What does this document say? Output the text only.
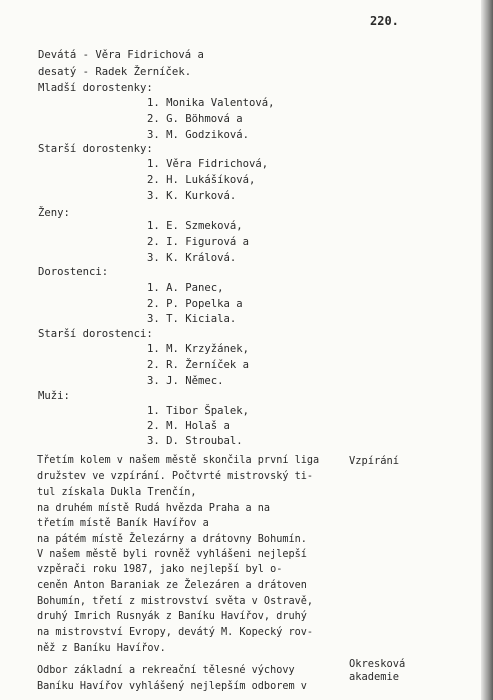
220.
Devátá - Věra Fidrichová a
desatý - Radek Žerníček.
Mladší dorostenky:
1. Monika Valentová,
2. G. Böhmová a
3. M. Godziková.
Starší dorostenky:
1. Věra Fidrichová,
2. H. Lukášíková,
3. K. Kurková.
Ženy:
1. E. Szmeková,
2. I. Figurová a
3. K. Králová.
Dorostenci:
1. A. Panec,
2. P. Popelka a
3. T. Kiciala.
Starší dorostenci:
1. M. Krzyžánek,
2. R. Žerníček a
3. J. Němec.
Muži:
1. Tibor Špalek,
2. M. Holaš a
3. D. Stroubal.
Třetím kolem v našem městě skončila první liga
družstev ve vzpírání. Počtvrté mistrovský ti-
tul získala Dukla Trenčín,
na druhém místě Rudá hvězda Praha a na
třetím místě Baník Havířov a
na pátém místě Železárny a drátovny Bohumín.
V našem městě byli rovněž vyhlášeni nejlepší
vzpěrači roku 1987, jako nejlepší byl o-
ceněn Anton Baraniak ze Železáren a drátoven
Bohumín, třetí z mistrovství světa v Ostravě,
druhý Imrich Rusnyák z Baníku Havířov, druhý
na mistrovství Evropy, devátý M. Kopecký rov-
něž z Baníku Havířov.
Vzpírání
Odbor základní a rekreační tělesné výchovy
Baníku Havířov vyhlášený nejlepším odborem v
Okresková
akademie
